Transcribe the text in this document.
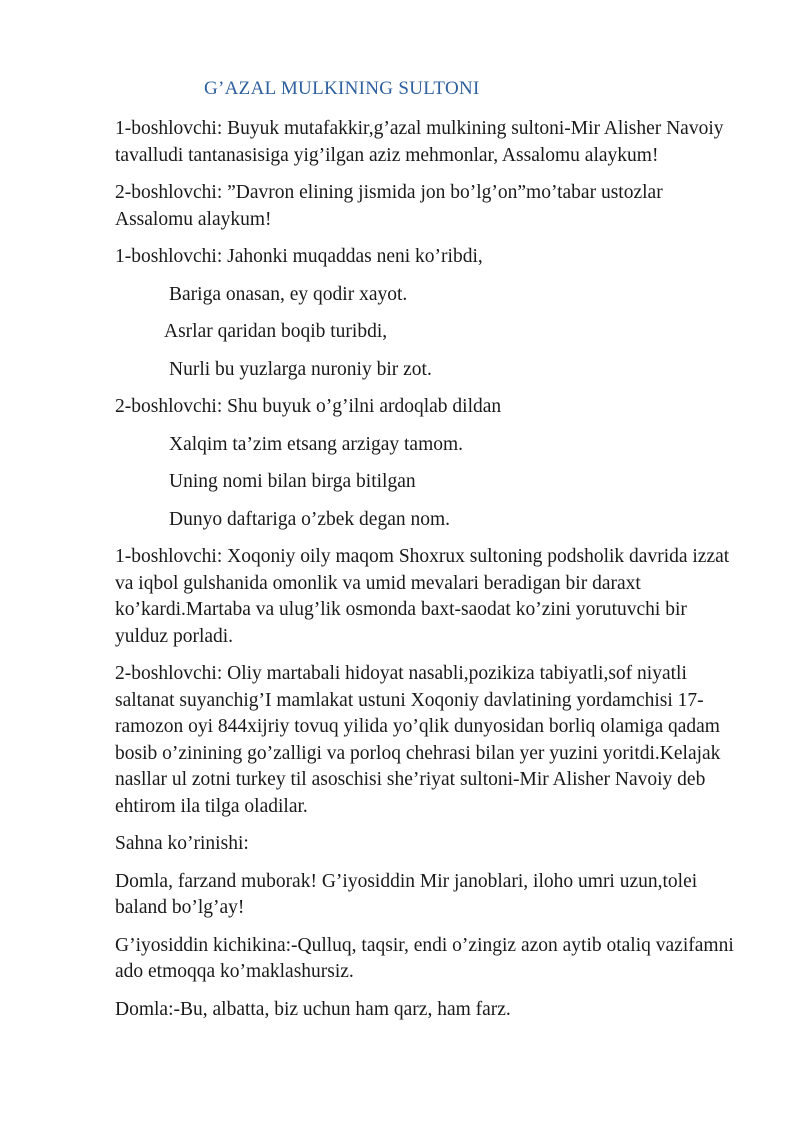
G’AZAL MULKINING SULTONI

1-boshlovchi: Buyuk mutafakkir,g’azal mulkining sultoni-Mir Alisher Navoiy tavalludi tantanasisiga yig’ilgan aziz mehmonlar, Assalomu alaykum!

2-boshlovchi: ”Davron elining jismida jon bo’lg’on”mo’tabar ustozlar Assalomu alaykum!

1-boshlovchi: Jahonki muqaddas neni ko’ribdi,

Bariga onasan, ey qodir xayot.

Asrlar qaridan boqib turibdi,

Nurli bu yuzlarga nuroniy bir zot.

2-boshlovchi: Shu buyuk o’g’ilni ardoqlab dildan

Xalqim ta’zim etsang arzigay tamom.

Uning nomi bilan birga bitilgan

Dunyo daftariga o’zbek degan nom.

1-boshlovchi: Xoqoniy oily maqom Shoxrux sultoning podsholik davrida izzat va iqbol gulshanida omonlik va umid mevalari beradigan bir daraxt ko’kardi.Martaba va ulug’lik osmonda baxt-saodat ko’zini yorutuvchi bir yulduz porladi.

2-boshlovchi: Oliy martabali hidoyat nasabli,pozikiza tabiyatli,sof niyatli saltanat suyanchig’I mamlakat ustuni Xoqoniy davlatining yordamchisi 17-ramozon oyi 844xijriy tovuq yilida yo’qlik dunyosidan borliq olamiga qadam bosib o’zinining go’zalligi va porloq chehrasi bilan yer yuzini yoritdi.Kelajak nasllar ul zotni turkey til asoschisi she’riyat sultoni-Mir Alisher Navoiy deb ehtirom ila tilga oladilar.

Sahna ko’rinishi:

Domla, farzand muborak! G’iyosiddin Mir janoblari, iloho umri uzun,tolei baland bo’lg’ay!

G’iyosiddin kichikina:-Qulluq, taqsir, endi o’zingiz azon aytib otaliq vazifamni ado etmoqqa ko’maklashursiz.

Domla:-Bu, albatta, biz uchun ham qarz, ham farz.
